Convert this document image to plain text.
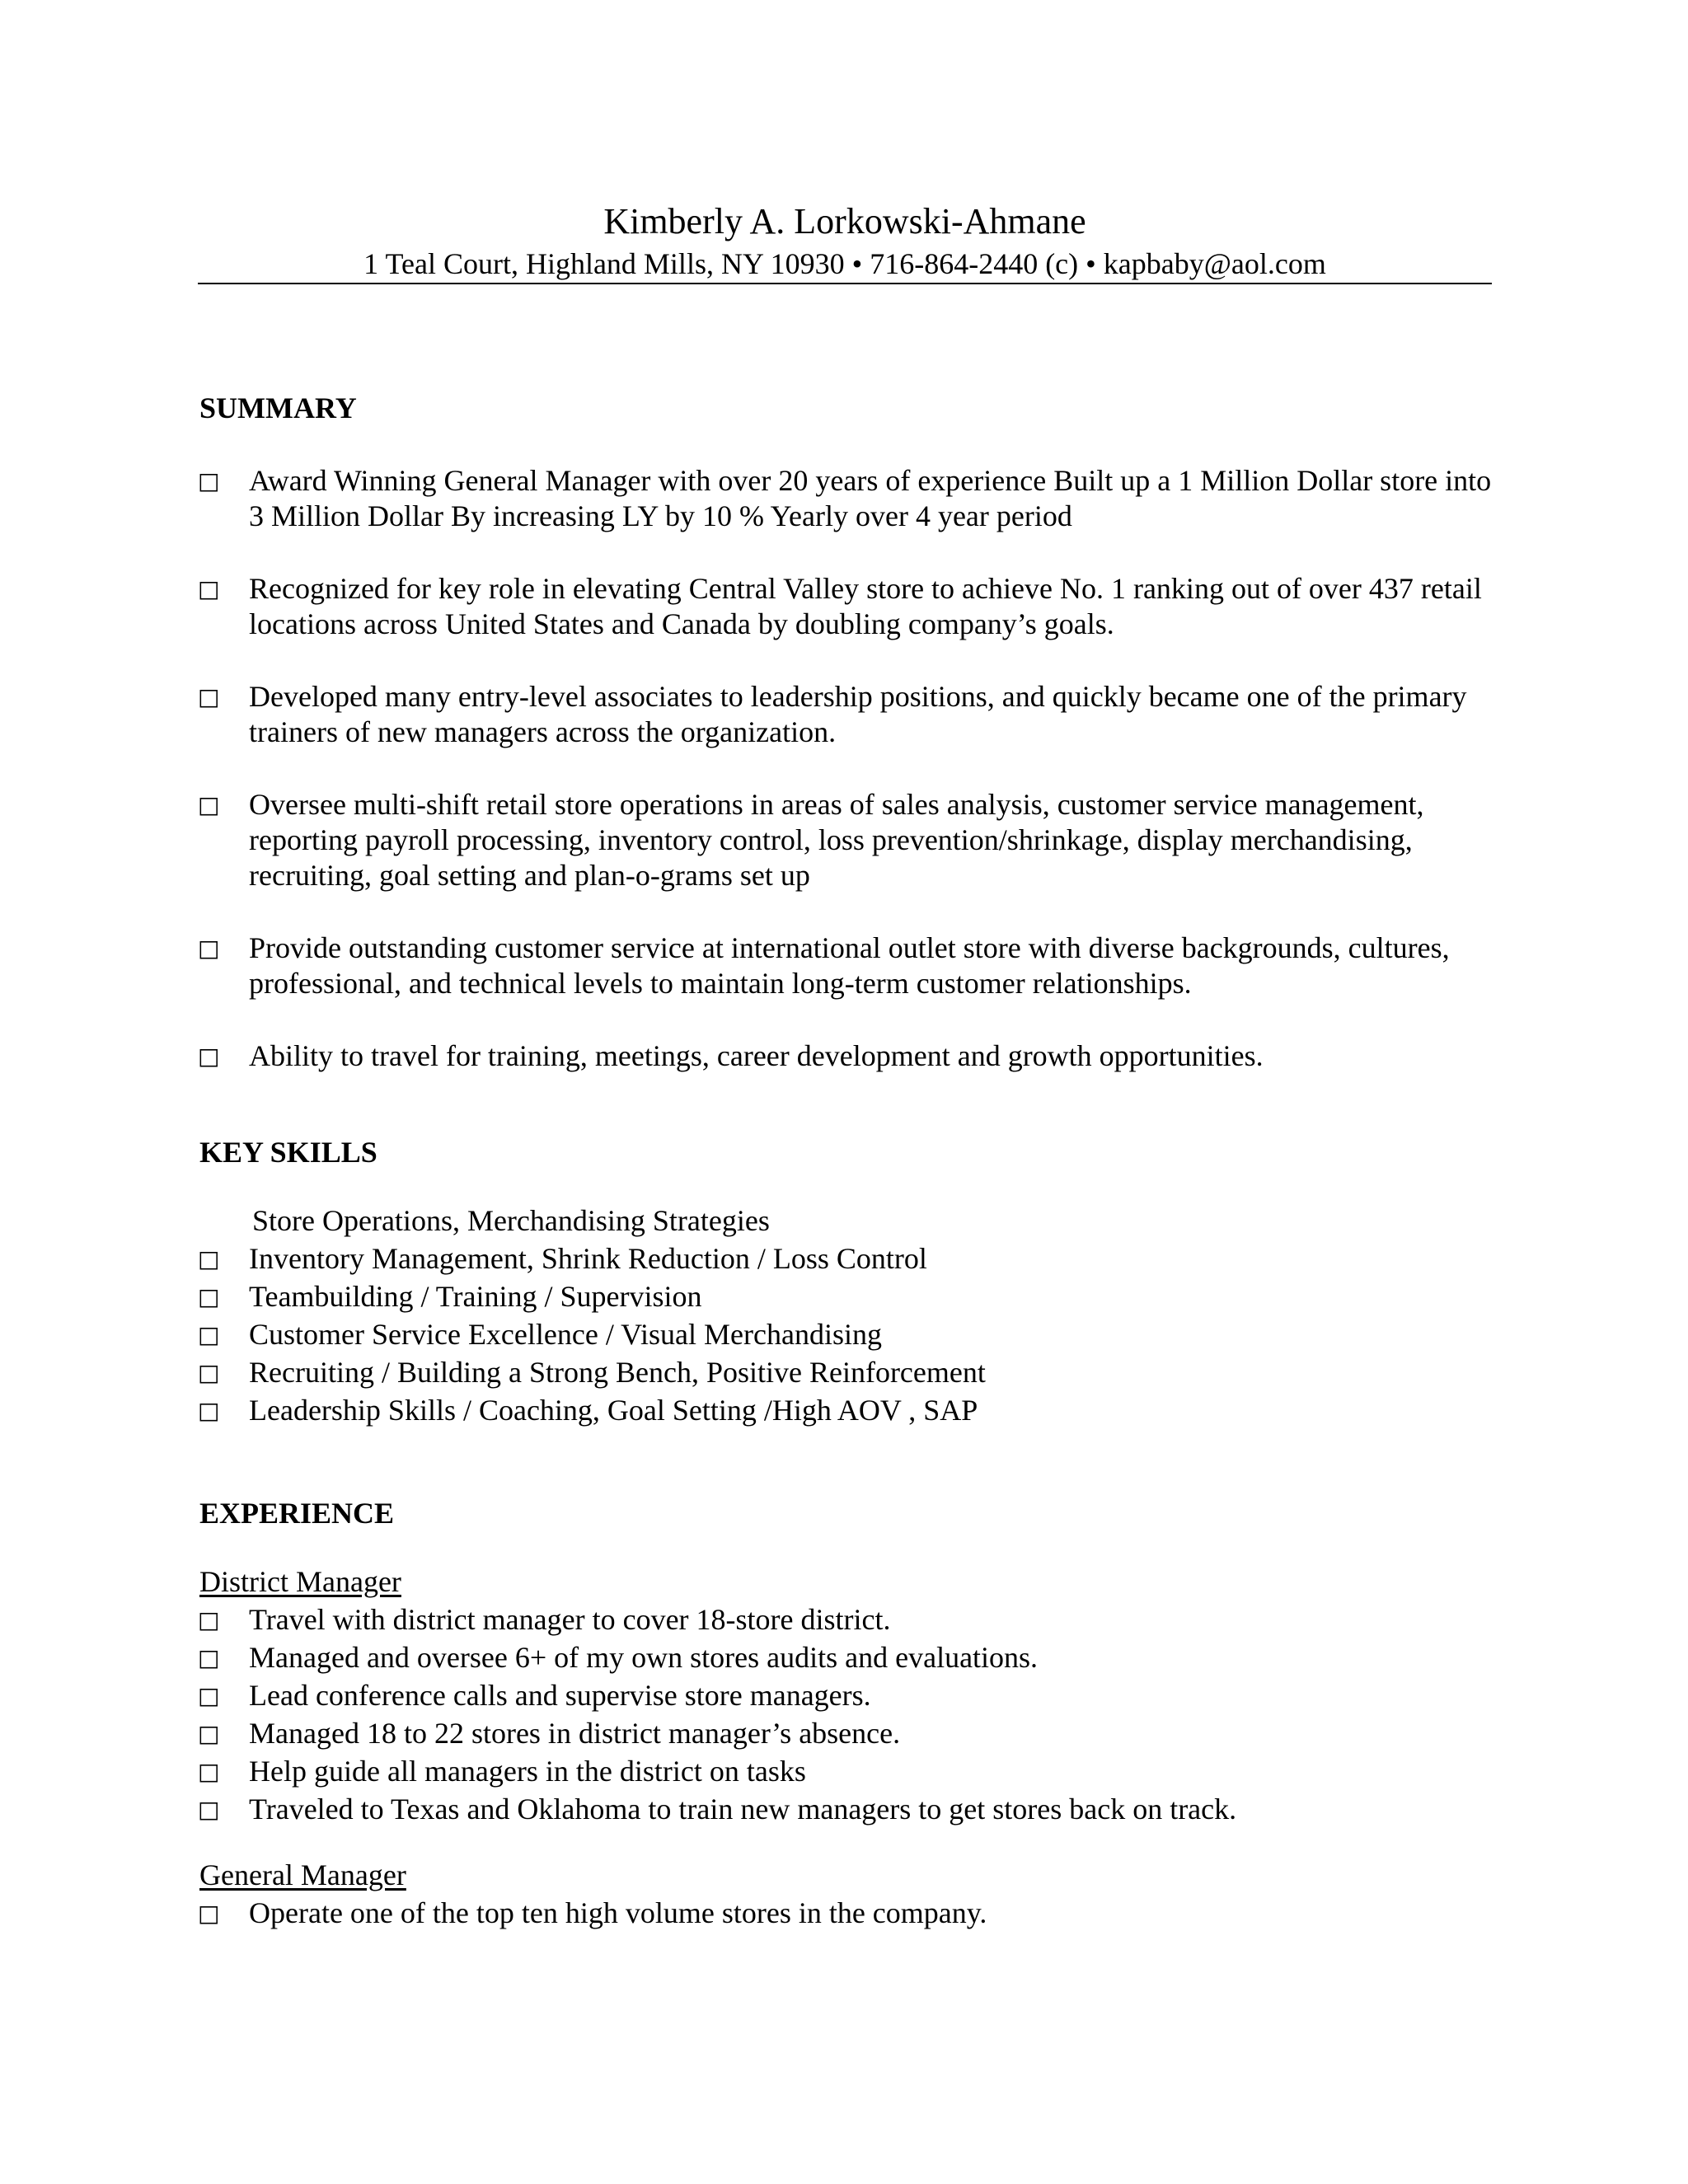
Kimberly A. Lorkowski-Ahmane
1 Teal Court, Highland Mills, NY 10930 • 716-864-2440 (c) • kapbaby@aol.com
SUMMARY
□ Award Winning General Manager with over 20 years of experience Built up a 1 Million Dollar store into 3 Million Dollar By increasing LY by 10 % Yearly over 4 year period
□ Recognized for key role in elevating Central Valley store to achieve No. 1 ranking out of over 437 retail locations across United States and Canada by doubling company’s goals.
□ Developed many entry-level associates to leadership positions, and quickly became one of the primary trainers of new managers across the organization.
□ Oversee multi-shift retail store operations in areas of sales analysis, customer service management, reporting payroll processing, inventory control, loss prevention/shrinkage, display merchandising, recruiting, goal setting and plan-o-grams set up
□ Provide outstanding customer service at international outlet store with diverse backgrounds, cultures, professional, and technical levels to maintain long-term customer relationships.
□ Ability to travel for training, meetings, career development and growth opportunities.
KEY SKILLS
Store Operations, Merchandising Strategies
□ Inventory Management, Shrink Reduction / Loss Control
□ Teambuilding / Training / Supervision
□ Customer Service Excellence / Visual Merchandising
□ Recruiting / Building a Strong Bench, Positive Reinforcement
□ Leadership Skills / Coaching, Goal Setting /High AOV , SAP
EXPERIENCE
District Manager
□ Travel with district manager to cover 18-store district.
□ Managed and oversee 6+ of my own stores audits and evaluations.
□ Lead conference calls and supervise store managers.
□ Managed 18 to 22 stores in district manager’s absence.
□ Help guide all managers in the district on tasks
□ Traveled to Texas and Oklahoma to train new managers to get stores back on track.
General Manager
□ Operate one of the top ten high volume stores in the company.
